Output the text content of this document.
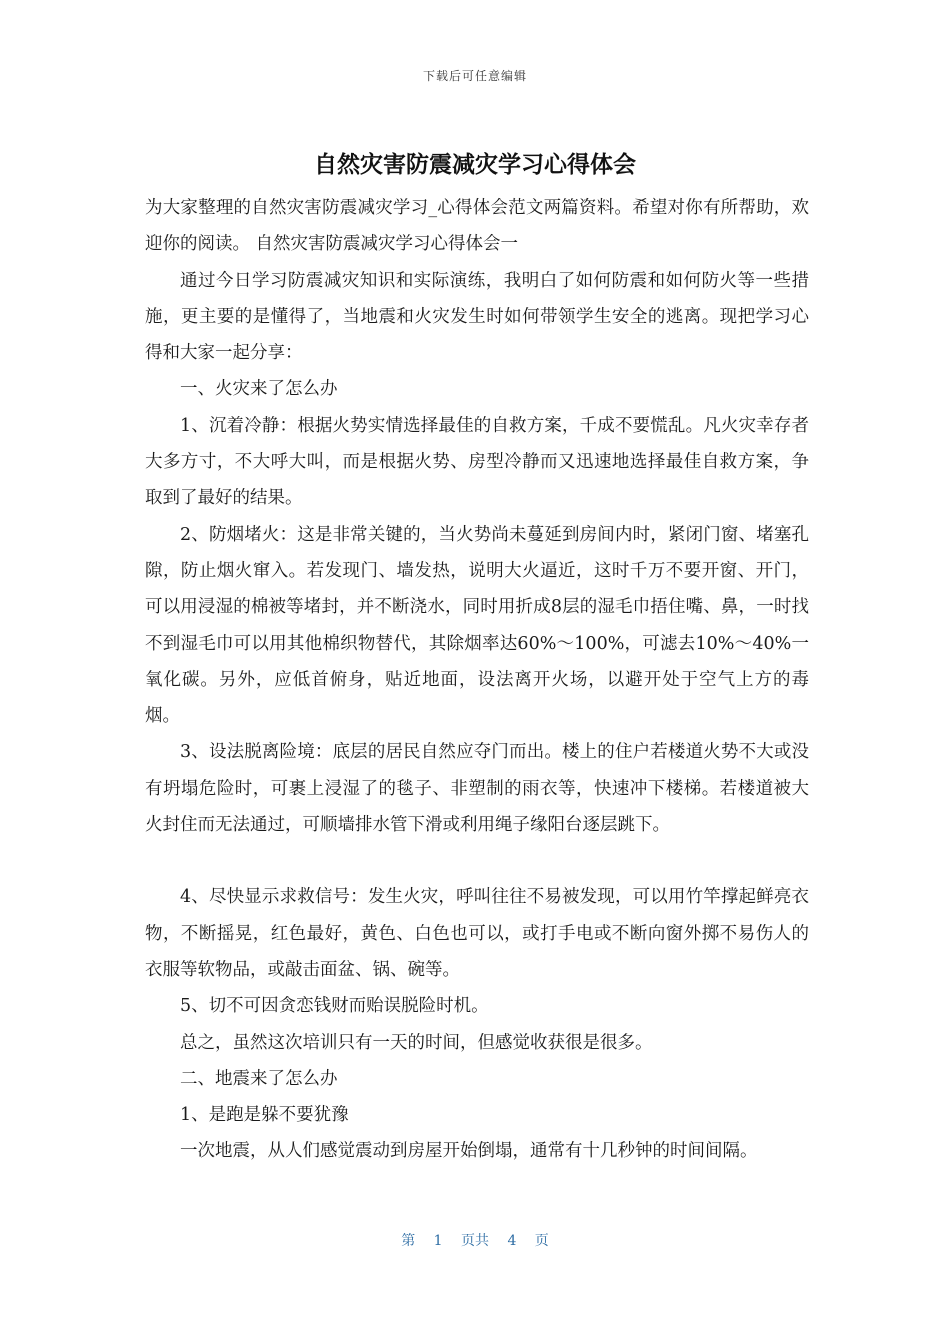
下载后可任意编辑
自然灾害防震减灾学习心得体会

为大家整理的自然灾害防震减灾学习_心得体会范文两篇资料。希望对你有所帮助，欢迎你的阅读。 自然灾害防震减灾学习心得体会一

通过今日学习防震减灾知识和实际演练，我明白了如何防震和如何防火等一些措施，更主要的是懂得了，当地震和火灾发生时如何带领学生安全的逃离。现把学习心得和大家一起分享：

一、火灾来了怎么办

1、沉着冷静：根据火势实情选择最佳的自救方案，千成不要慌乱。凡火灾幸存者大多方寸，不大呼大叫，而是根据火势、房型冷静而又迅速地选择最佳自救方案，争取到了最好的结果。

2、防烟堵火：这是非常关键的，当火势尚未蔓延到房间内时，紧闭门窗、堵塞孔隙，防止烟火窜入。若发现门、墙发热，说明大火逼近，这时千万不要开窗、开门，可以用浸湿的棉被等堵封，并不断浇水，同时用折成8层的湿毛巾捂住嘴、鼻，一时找不到湿毛巾可以用其他棉织物替代，其除烟率达60%～100%，可滤去10%～40%一氧化碳。另外，应低首俯身，贴近地面，设法离开火场，以避开处于空气上方的毒烟。

3、设法脱离险境：底层的居民自然应夺门而出。楼上的住户若楼道火势不大或没有坍塌危险时，可裹上浸湿了的毯子、非塑制的雨衣等，快速冲下楼梯。若楼道被大火封住而无法通过，可顺墙排水管下滑或利用绳子缘阳台逐层跳下。

4、尽快显示求救信号：发生火灾，呼叫往往不易被发现，可以用竹竿撑起鲜亮衣物，不断摇晃，红色最好，黄色、白色也可以，或打手电或不断向窗外掷不易伤人的衣服等软物品，或敲击面盆、锅、碗等。

5、切不可因贪恋钱财而贻误脱险时机。

总之，虽然这次培训只有一天的时间，但感觉收获很是很多。

二、地震来了怎么办

1、是跑是躲不要犹豫

一次地震，从人们感觉震动到房屋开始倒塌，通常有十几秒钟的时间间隔。

第 1 页共 4 页
